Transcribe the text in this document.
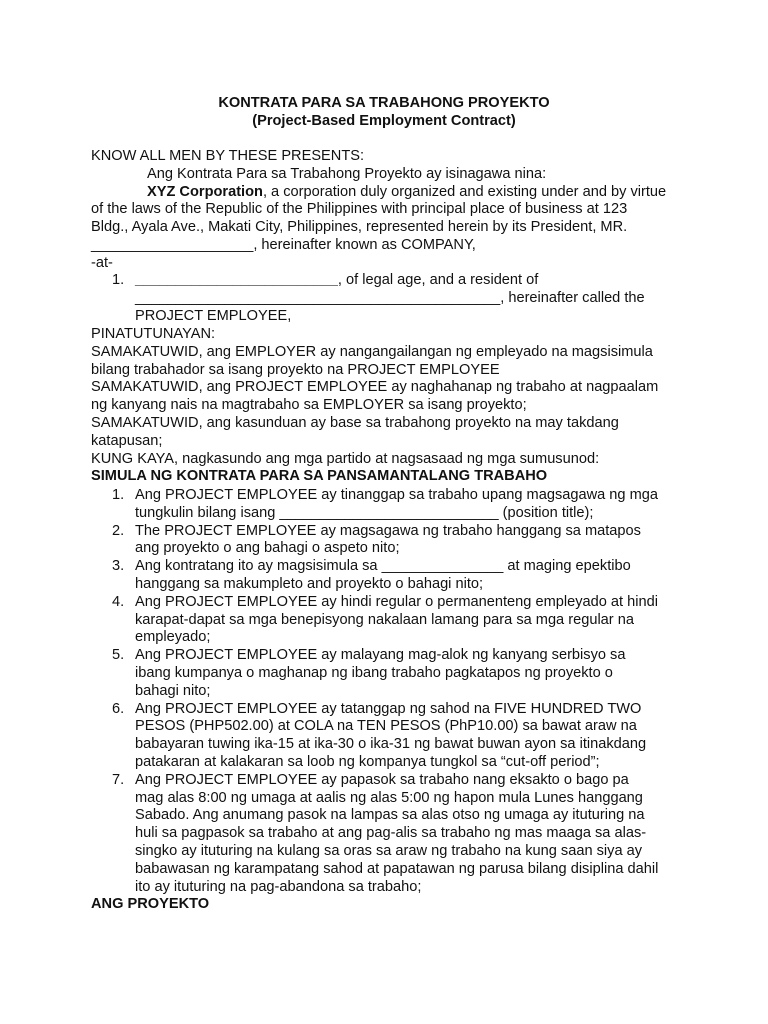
KONTRATA PARA SA TRABAHONG PROYEKTO
(Project-Based Employment Contract)
KNOW ALL MEN BY THESE PRESENTS:
Ang Kontrata Para sa Trabahong Proyekto ay isinagawa nina:
XYZ Corporation, a corporation duly organized and existing under and by virtue
of the laws of the Republic of the Philippines with principal place of business at 123
Bldg., Ayala Ave., Makati City, Philippines, represented herein by its President, MR.
____________________, hereinafter known as COMPANY,
-at-
1. _________________________, of legal age, and a resident of
_____________________________________________, hereinafter called the
PROJECT EMPLOYEE,
PINATUTUNAYAN:
SAMAKATUWID, ang EMPLOYER ay nangangailangan ng empleyado na magsisimula
bilang trabahador sa isang proyekto na PROJECT EMPLOYEE
SAMAKATUWID, ang PROJECT EMPLOYEE ay naghahanap ng trabaho at nagpaalam
ng kanyang nais na magtrabaho sa EMPLOYER sa isang proyekto;
SAMAKATUWID, ang kasunduan ay base sa trabahong proyekto na may takdang
katapusan;
KUNG KAYA, nagkasundo ang mga partido at nagsasaad ng mga sumusunod:
SIMULA NG KONTRATA PARA SA PANSAMANTALANG TRABAHO
1. Ang PROJECT EMPLOYEE ay tinanggap sa trabaho upang magsagawa ng mga
tungkulin bilang isang ___________________________ (position title);
2. The PROJECT EMPLOYEE ay magsagawa ng trabaho hanggang sa matapos
ang proyekto o ang bahagi o aspeto nito;
3. Ang kontratang ito ay magsisimula sa _______________ at maging epektibo
hanggang sa makumpleto and proyekto o bahagi nito;
4. Ang PROJECT EMPLOYEE ay hindi regular o permanenteng empleyado at hindi
karapat-dapat sa mga benepisyong nakalaan lamang para sa mga regular na
empleyado;
5. Ang PROJECT EMPLOYEE ay malayang mag-alok ng kanyang serbisyo sa
ibang kumpanya o maghanap ng ibang trabaho pagkatapos ng proyekto o
bahagi nito;
6. Ang PROJECT EMPLOYEE ay tatanggap ng sahod na FIVE HUNDRED TWO
PESOS (PHP502.00) at COLA na TEN PESOS (PhP10.00) sa bawat araw na
babayaran tuwing ika-15 at ika-30 o ika-31 ng bawat buwan ayon sa itinakdang
patakaran at kalakaran sa loob ng kompanya tungkol sa “cut-off period”;
7. Ang PROJECT EMPLOYEE ay papasok sa trabaho nang eksakto o bago pa
mag alas 8:00 ng umaga at aalis ng alas 5:00 ng hapon mula Lunes hanggang
Sabado. Ang anumang pasok na lampas sa alas otso ng umaga ay ituturing na
huli sa pagpasok sa trabaho at ang pag-alis sa trabaho ng mas maaga sa alas-
singko ay ituturing na kulang sa oras sa araw ng trabaho na kung saan siya ay
babawasan ng karampatang sahod at papatawan ng parusa bilang disiplina dahil
ito ay ituturing na pag-abandona sa trabaho;
ANG PROYEKTO
